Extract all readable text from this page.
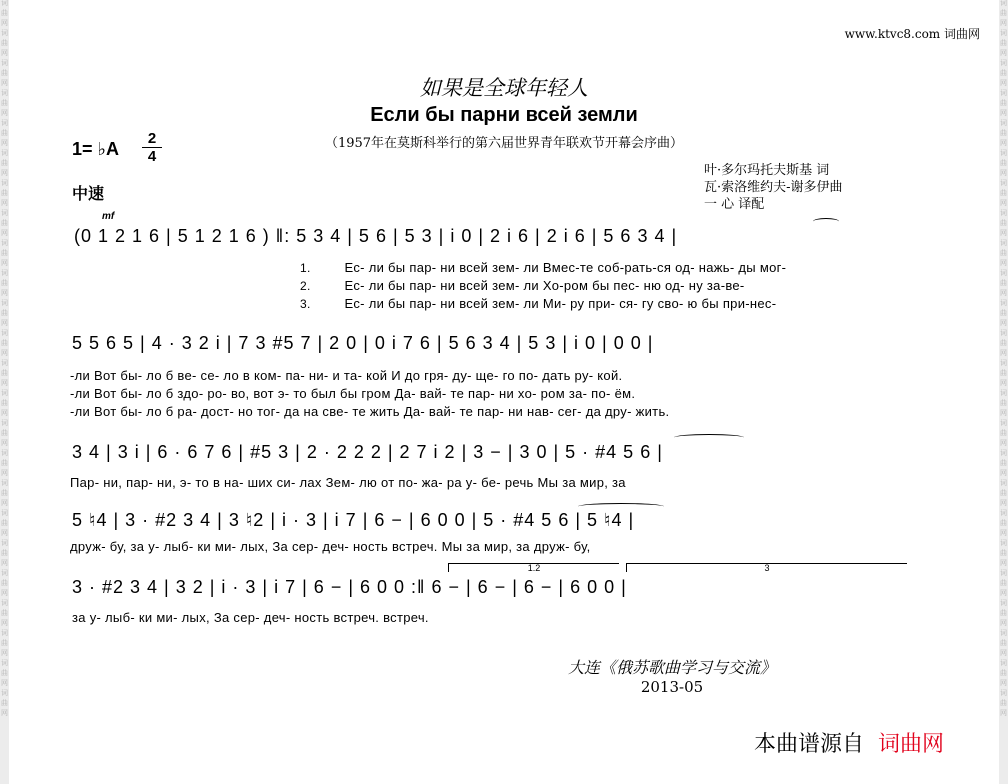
词
曲
网
词
曲
网
词
曲
网
词
曲
网
词
曲
网
词
曲
网
词
曲
网
词
曲
网
词
曲
网
词
曲
网
词
曲
网
词
曲
网
词
曲
网
词
曲
网
词
曲
网
词
曲
网
词
曲
网
词
曲
网
词
曲
网
词
曲
网
词
曲
网
词
曲
网
词
曲
网
词
曲
网
词
曲
网
词
曲
网
词
曲
网
词
曲
网
词
曲
网
词
曲
网
词
曲
网
词
曲
网
词
曲
网
词
曲
网
词
曲
网
词
曲
网
词
曲
网
词
曲
网
词
曲
网
词
曲
网
词
曲
网
词
曲
网
词
曲
网
词
曲
网
词
曲
网
词
曲
网
词
曲
网
词
曲
网
www.ktvc8.com 词曲网
如果是全球年轻人
Если бы парни всей земли
（1957年在莫斯科举行的第六届世界青年联欢节开幕会序曲）
1= ♭A
2
4
中速
叶·多尔玛托夫斯基 词
瓦·索洛维约夫-谢多伊曲
一 心 译配
mf
(0 1 2 1 6 | 5 1 2 1 6 ) ‖: 5 3 4 | 5 6 | 5 3 | i 0 | 2 i 6 | 2 i 6 | 5 6 3 4 |
1.	Ес- ли бы пар- ни всей зем- ли Вмес-те соб-рать-ся од- нажь- ды мог-
2.	Ес- ли бы пар- ни всей зем- ли Хо-ром бы пес- ню од- ну за-ве-
3.	Ес- ли бы пар- ни всей зем- ли Ми- ру при- ся- гу сво- ю бы при-нес-
5 5 6 5 | 4 · 3 2 i | 7 3 #5 7 | 2 0 | 0 i 7 6 | 5 6 3 4 | 5 3 | i 0 | 0 0 |
-ли Вот бы- ло б ве- се- ло в ком- па- ни- и та- кой И до гря- ду- ще- го по- дать ру- кой.
-ли Вот бы- ло б здо- ро- во, вот э- то был бы гром Да- вай- те пар- ни хо- ром за- по- ём.
-ли Вот бы- ло б ра- дост- но тог- да на све- те жить Да- вай- те пар- ни нав- сег- да дру- жить.
3 4 | 3 i | 6 · 6 7 6 | #5 3 | 2 · 2 2 2 | 2 7 i 2 | 3 − | 3 0 | 5 · #4 5 6 |
Пар- ни, пар- ни, э- то в на- ших си- лах Зем- лю от по- жа- ра у- бе- речь Мы за мир, за
5 ♮4 | 3 · #2 3 4 | 3 ♮2 | i · 3 | i 7 | 6 − | 6 0 0 | 5 · #4 5 6 | 5 ♮4 |
друж- бу, за у- лыб- ки ми- лых, За сер- деч- ность встреч. Мы за мир, за друж- бу,
1.2	3
3 · #2 3 4 | 3 2 | i · 3 | i 7 | 6 − | 6 0 0 :‖ 6 − | 6 − | 6 − | 6 0 0 |
за у- лыб- ки ми- лых, За сер- деч- ность встреч. встреч.
大连《俄苏歌曲学习与交流》
2013-05
本曲谱源自 词曲网
